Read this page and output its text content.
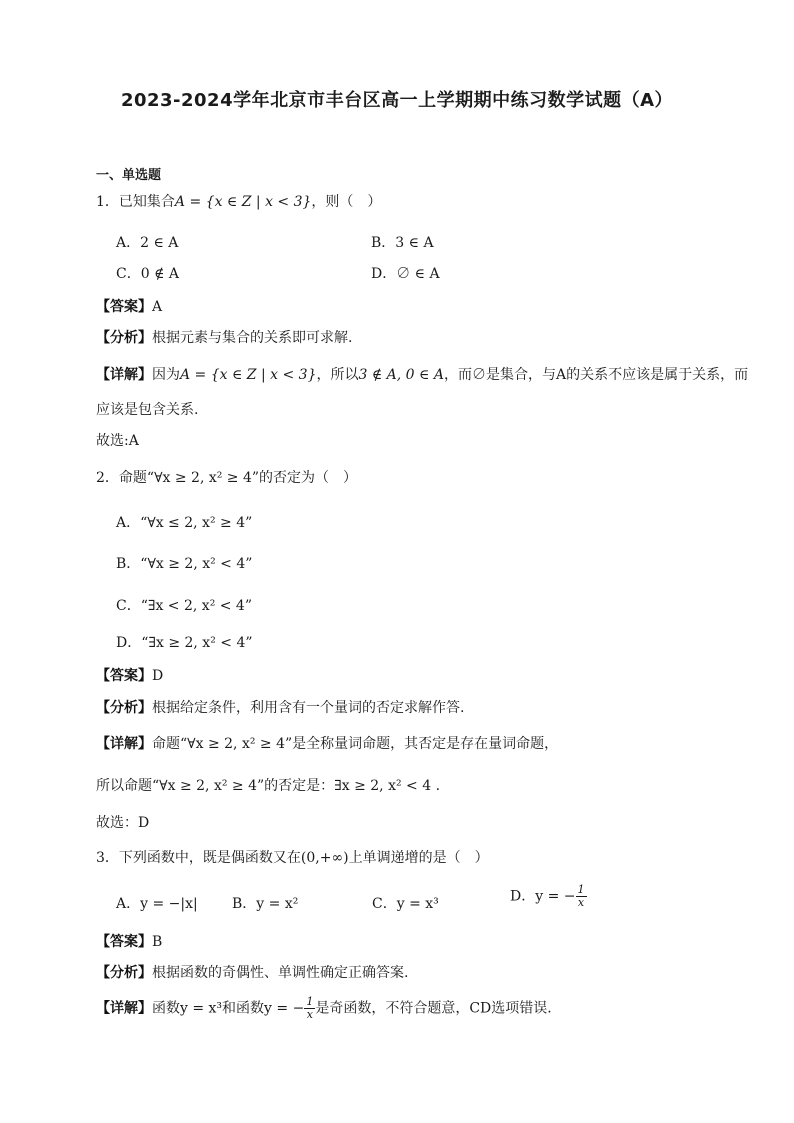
2023-2024学年北京市丰台区高一上学期期中练习数学试题（A）
一、单选题
1．已知集合A = {x ∈ Z | x < 3}，则（　）
A．2 ∈ A	B．3 ∈ A
C．0 ∉ A	D．∅ ∈ A
【答案】A
【分析】根据元素与集合的关系即可求解.
【详解】因为A = {x ∈ Z | x < 3}，所以3 ∉ A, 0 ∈ A，而∅是集合，与A的关系不应该是属于关系，而
应该是包含关系.
故选:A
2．命题“∀x ≥ 2, x² ≥ 4”的否定为（　）
A．“∀x ≤ 2, x² ≥ 4”
B．“∀x ≥ 2, x² < 4”
C．“∃x < 2, x² < 4”
D．“∃x ≥ 2, x² < 4”
【答案】D
【分析】根据给定条件，利用含有一个量词的否定求解作答.
【详解】命题“∀x ≥ 2, x² ≥ 4”是全称量词命题，其否定是存在量词命题，
所以命题“∀x ≥ 2, x² ≥ 4”的否定是：∃x ≥ 2, x² < 4 .
故选：D
3．下列函数中，既是偶函数又在(0,+∞)上单调递增的是（　）
A．y = −|x| B．y = x²	C．y = x³	D．y = − $\frac{1}{x}$
【答案】B
【分析】根据函数的奇偶性、单调性确定正确答案.
【详解】函数y = x³和函数y = − $\frac{1}{x}$ 是奇函数，不符合题意，CD选项错误.
